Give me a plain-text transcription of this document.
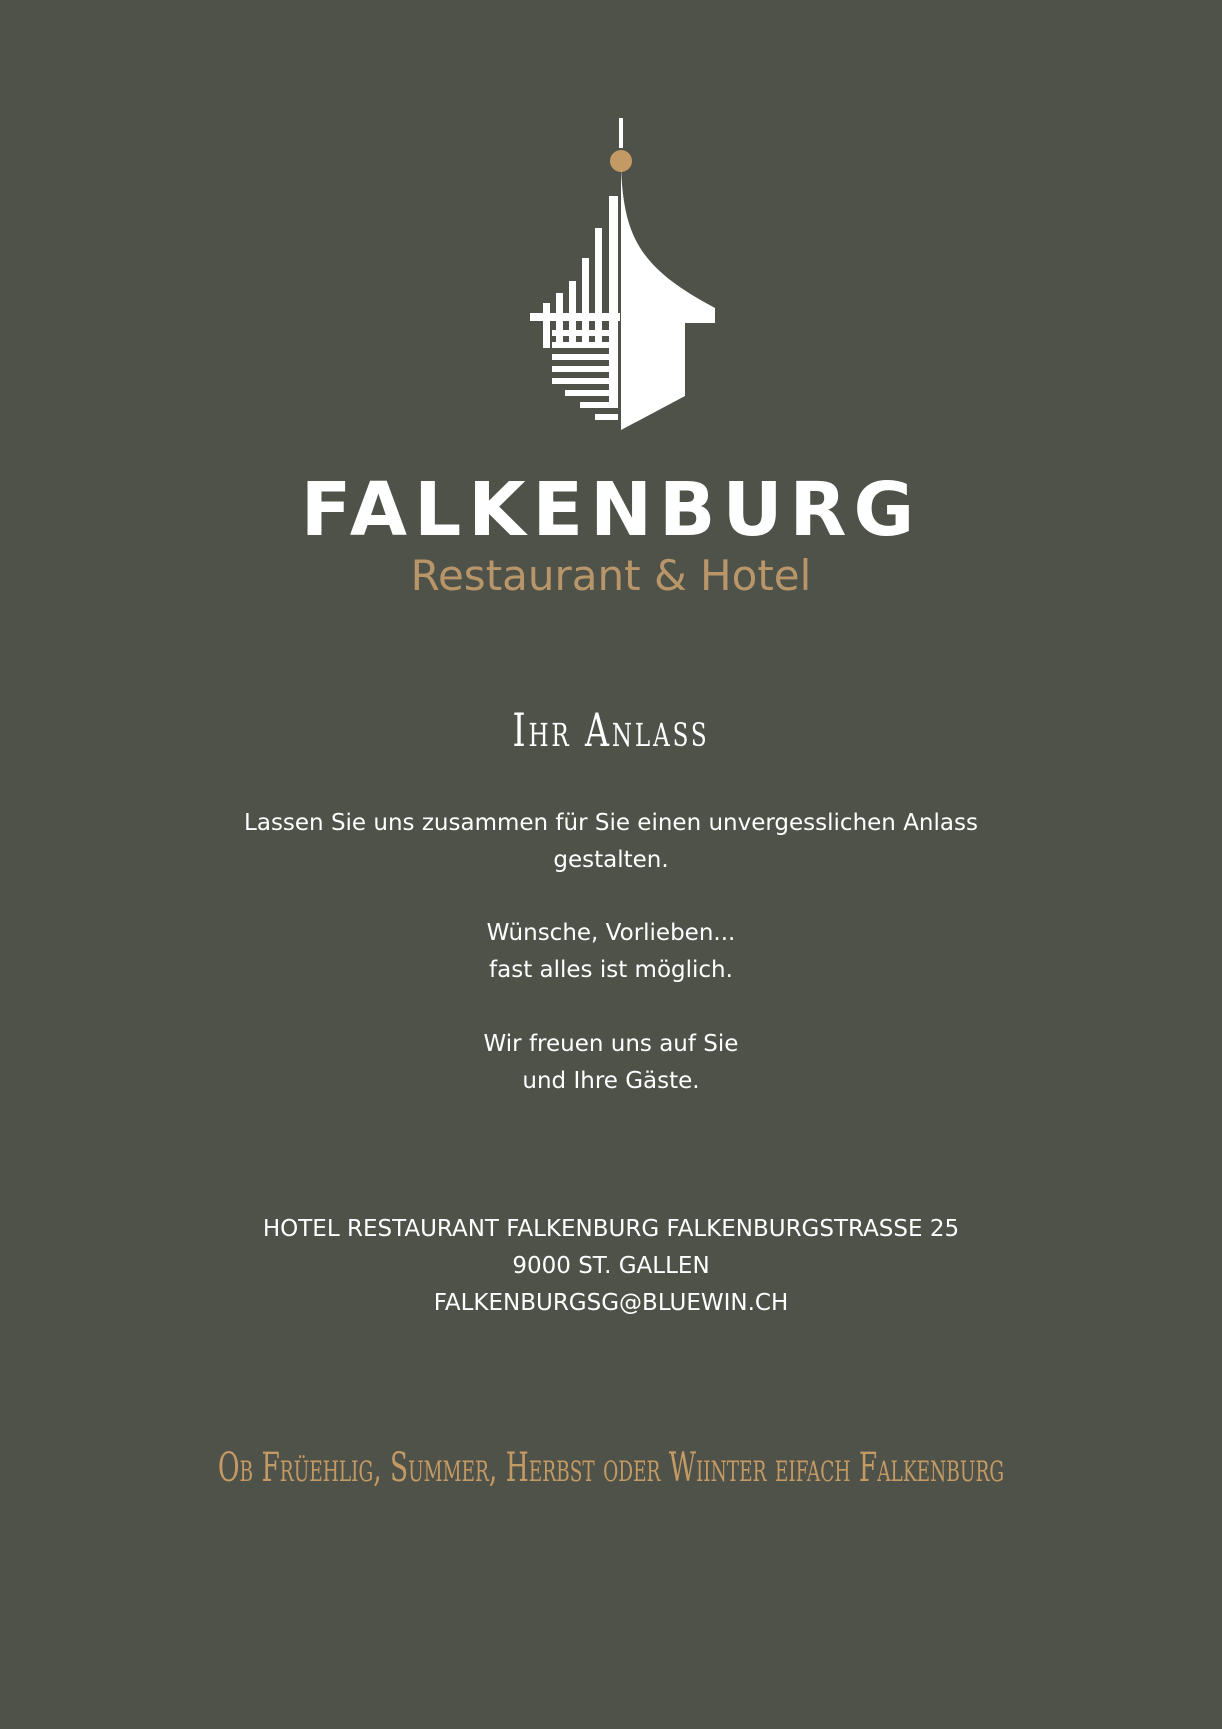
FALKENBURG
Restaurant & Hotel
Ihr Anlass
Lassen Sie uns zusammen für Sie einen unvergesslichen Anlass
gestalten.
Wünsche, Vorlieben...
fast alles ist möglich.
Wir freuen uns auf Sie
und Ihre Gäste.
HOTEL RESTAURANT FALKENBURG FALKENBURGSTRASSE 25
9000 ST. GALLEN
FALKENBURGSG@BLUEWIN.CH
Ob Früehlig, Summer, Herbst oder Wiinter eifach Falkenburg
